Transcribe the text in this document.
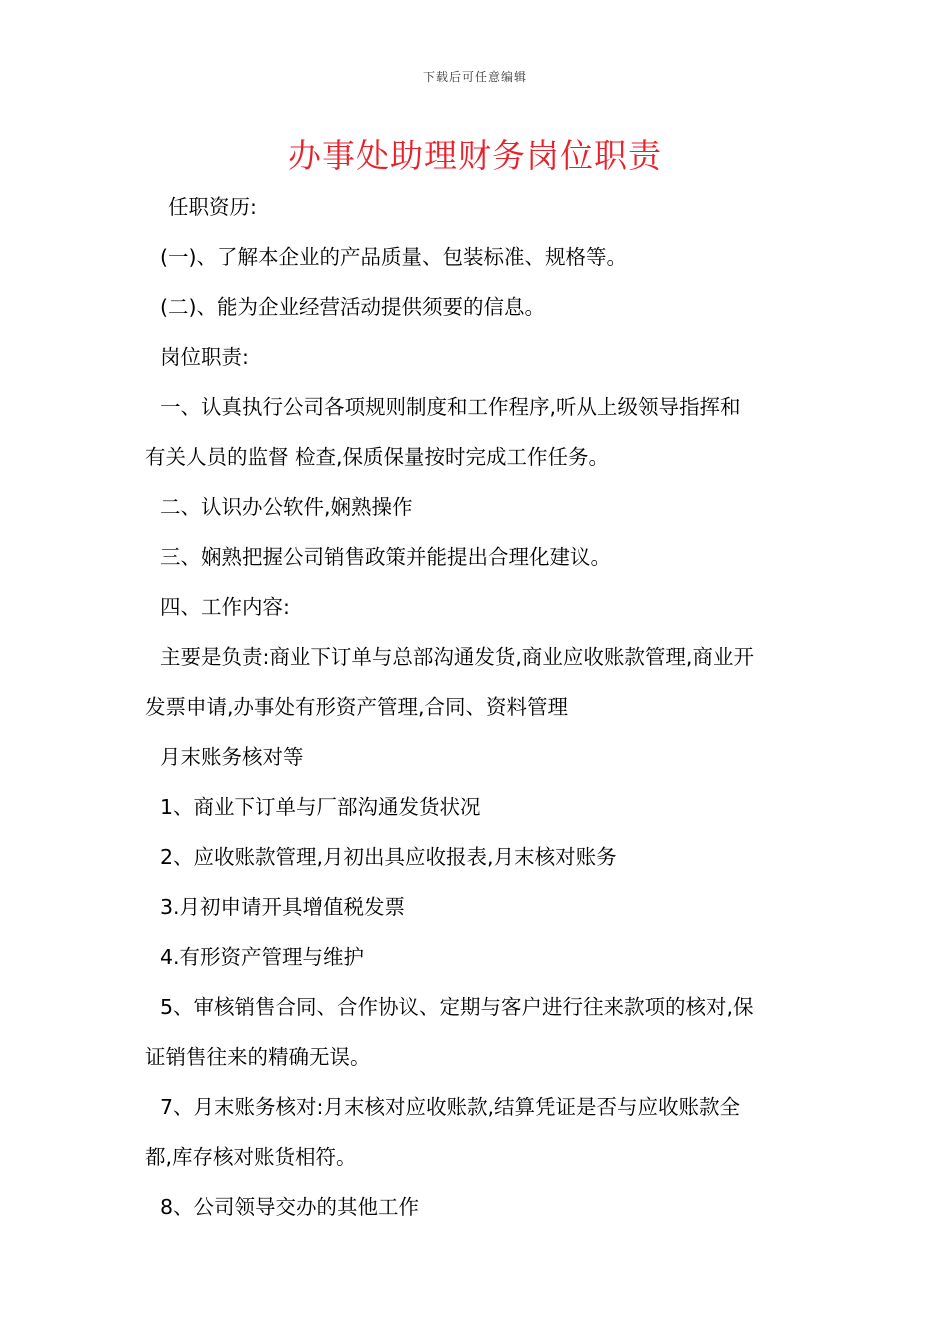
下载后可任意编辑
办事处助理财务岗位职责
任职资历:
(一)、了解本企业的产品质量、包装标准、规格等。
(二)、能为企业经营活动提供须要的信息。
岗位职责:
一、认真执行公司各项规则制度和工作程序,听从上级领导指挥和
有关人员的监督 检查,保质保量按时完成工作任务。
二、认识办公软件,娴熟操作
三、娴熟把握公司销售政策并能提出合理化建议。
四、工作内容:
主要是负责:商业下订单与总部沟通发货,商业应收账款管理,商业开
发票申请,办事处有形资产管理,合同、资料管理
月末账务核对等
1、商业下订单与厂部沟通发货状况
2、应收账款管理,月初出具应收报表,月末核对账务
3.月初申请开具增值税发票
4.有形资产管理与维护
5、审核销售合同、合作协议、定期与客户进行往来款项的核对,保
证销售往来的精确无误。
7、月末账务核对:月末核对应收账款,结算凭证是否与应收账款全
都,库存核对账货相符。
8、公司领导交办的其他工作
